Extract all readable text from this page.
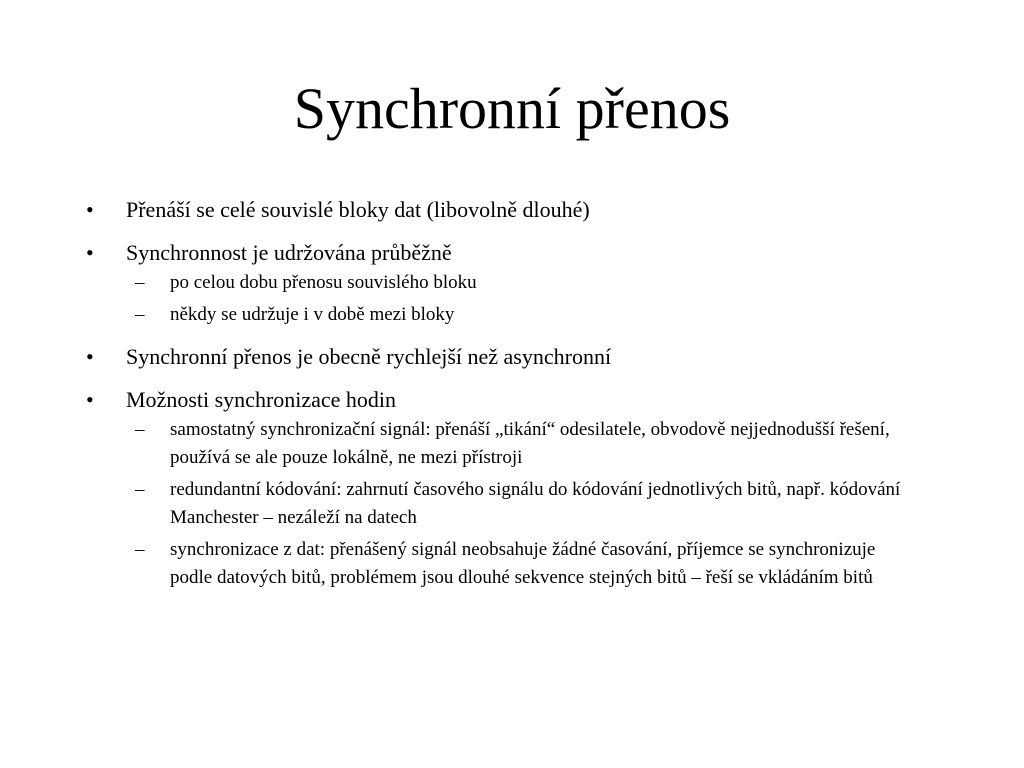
Synchronní přenos
• Přenáší se celé souvislé bloky dat (libovolně dlouhé)
• Synchronnost je udržována průběžně
– po celou dobu přenosu souvislého bloku
– někdy se udržuje i v době mezi bloky
• Synchronní přenos je obecně rychlejší než asynchronní
• Možnosti synchronizace hodin
– samostatný synchronizační signál: přenáší „tikání“ odesilatele, obvodově nejjednodušší řešení, používá se ale pouze lokálně, ne mezi přístroji
– redundantní kódování: zahrnutí časového signálu do kódování jednotlivých bitů, např. kódování Manchester – nezáleží na datech
– synchronizace z dat: přenášený signál neobsahuje žádné časování, příjemce se synchronizuje podle datových bitů, problémem jsou dlouhé sekvence stejných bitů – řeší se vkládáním bitů
